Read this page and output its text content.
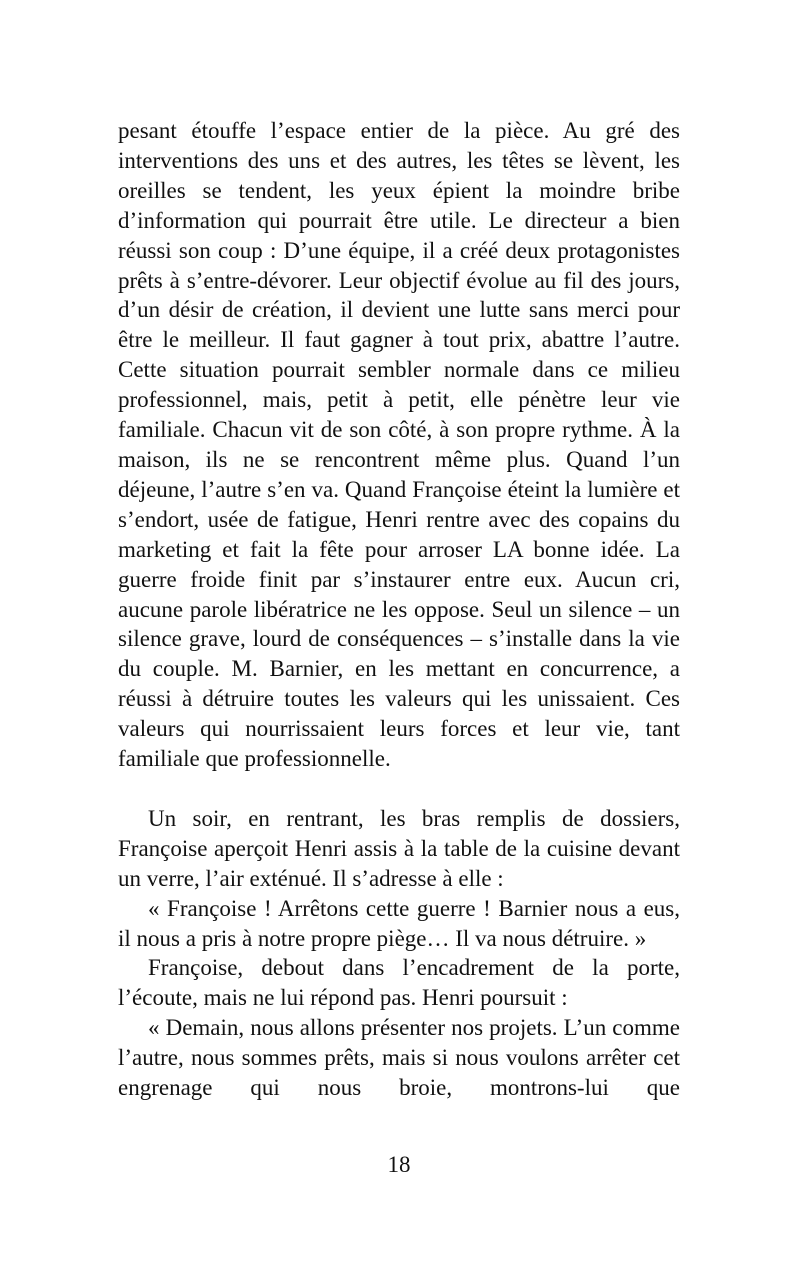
pesant étouffe l’espace entier de la pièce. Au gré des interventions des uns et des autres, les têtes se lèvent, les oreilles se tendent, les yeux épient la moindre bribe d’information qui pourrait être utile. Le directeur a bien réussi son coup : D’une équipe, il a créé deux protagonistes prêts à s’entre-dévorer. Leur objectif évolue au fil des jours, d’un désir de création, il devient une lutte sans merci pour être le meilleur. Il faut gagner à tout prix, abattre l’autre. Cette situation pourrait sembler normale dans ce milieu professionnel, mais, petit à petit, elle pénètre leur vie familiale. Chacun vit de son côté, à son propre rythme. À la maison, ils ne se rencontrent même plus. Quand l’un déjeune, l’autre s’en va. Quand Françoise éteint la lumière et s’endort, usée de fatigue, Henri rentre avec des copains du marketing et fait la fête pour arroser LA bonne idée. La guerre froide finit par s’instaurer entre eux. Aucun cri, aucune parole libératrice ne les oppose. Seul un silence – un silence grave, lourd de conséquences – s’installe dans la vie du couple. M. Barnier, en les mettant en concurrence, a réussi à détruire toutes les valeurs qui les unissaient. Ces valeurs qui nourrissaient leurs forces et leur vie, tant familiale que professionnelle.

Un soir, en rentrant, les bras remplis de dossiers, Françoise aperçoit Henri assis à la table de la cuisine devant un verre, l’air exténué. Il s’adresse à elle :

« Françoise ! Arrêtons cette guerre ! Barnier nous a eus, il nous a pris à notre propre piège… Il va nous détruire. »

Françoise, debout dans l’encadrement de la porte, l’écoute, mais ne lui répond pas. Henri poursuit :

« Demain, nous allons présenter nos projets. L’un comme l’autre, nous sommes prêts, mais si nous voulons arrêter cet engrenage qui nous broie, montrons-lui que

18
